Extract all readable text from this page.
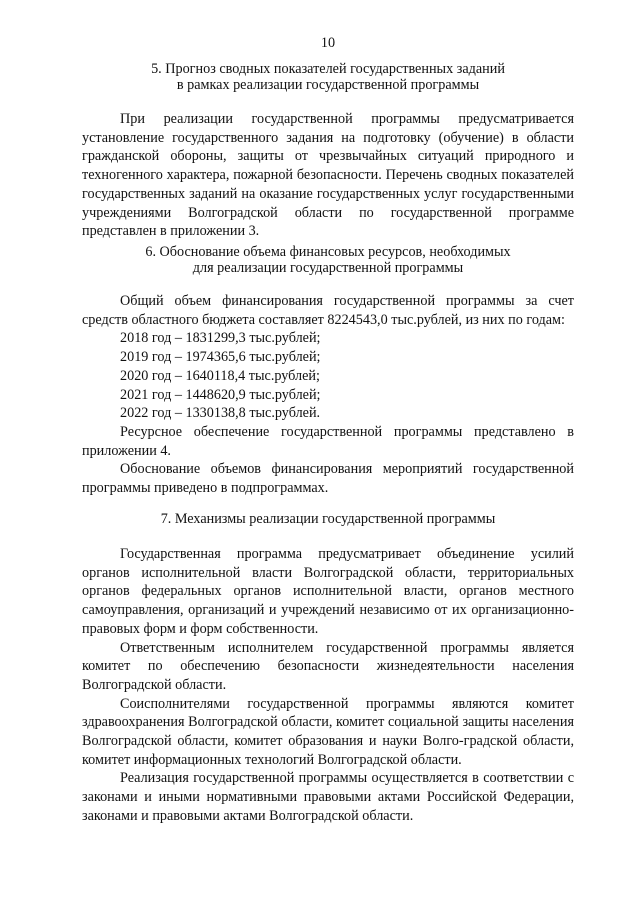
10

5. Прогноз сводных показателей государственных заданий

в рамках реализации государственной программы

При реализации государственной программы предусматривается установление государственного задания на подготовку (обучение) в области гражданской обороны, защиты от чрезвычайных ситуаций природного и техногенного характера, пожарной безопасности. Перечень сводных показателей государственных заданий на оказание государственных услуг государственными учреждениями Волгоградской области по государственной программе представлен в приложении 3.

6. Обоснование объема финансовых ресурсов, необходимых

для реализации государственной программы

Общий объем финансирования государственной программы за счет средств областного бюджета составляет 8224543,0 тыс.рублей, из них по годам:

2018 год – 1831299,3 тыс.рублей;
2019 год – 1974365,6 тыс.рублей;
2020 год – 1640118,4 тыс.рублей;
2021 год – 1448620,9 тыс.рублей;
2022 год – 1330138,8 тыс.рублей.

Ресурсное обеспечение государственной программы представлено в приложении 4.

Обоснование объемов финансирования мероприятий государственной программы приведено в подпрограммах.

7. Механизмы реализации государственной программы

Государственная программа предусматривает объединение усилий органов исполнительной власти Волгоградской области, территориальных органов федеральных органов исполнительной власти, органов местного самоуправления, организаций и учреждений независимо от их организационно-правовых форм и форм собственности.

Ответственным исполнителем государственной программы является комитет по обеспечению безопасности жизнедеятельности населения Волгоградской области.

Соисполнителями государственной программы являются комитет здравоохранения Волгоградской области, комитет социальной защиты населения Волгоградской области, комитет образования и науки Волго-градской области, комитет информационных технологий Волгоградской области.

Реализация государственной программы осуществляется в соответствии с законами и иными нормативными правовыми актами Российской Федерации, законами и правовыми актами Волгоградской области.
